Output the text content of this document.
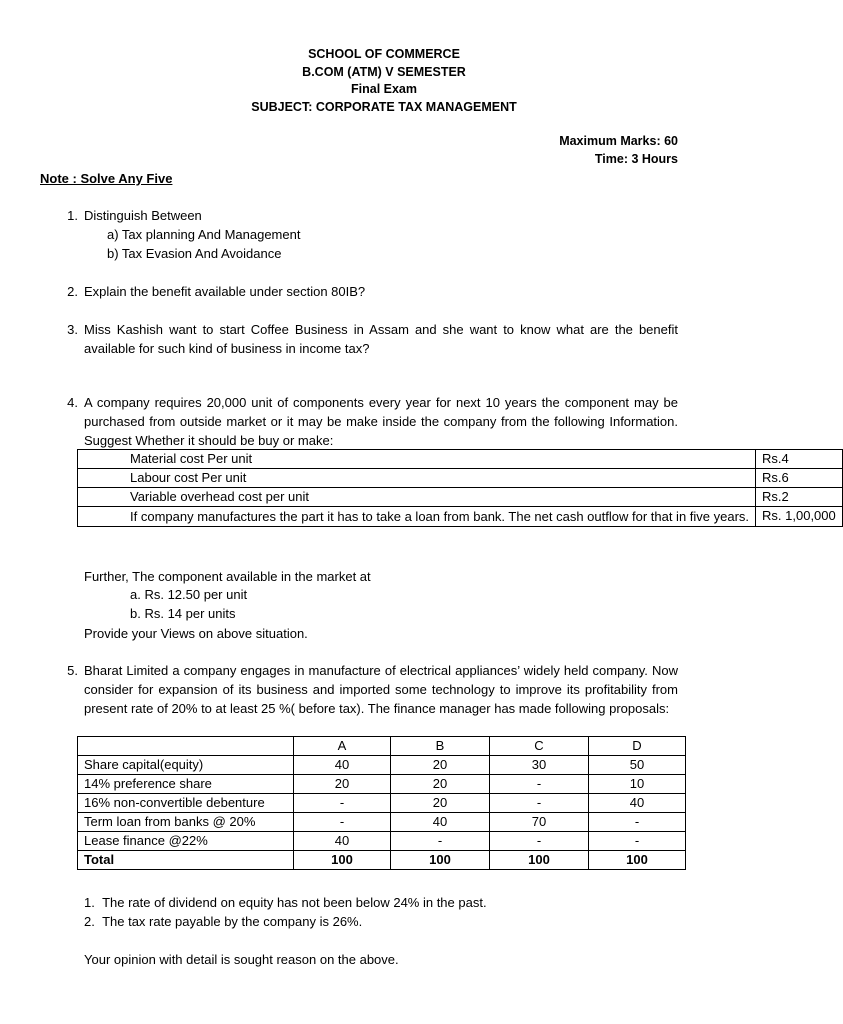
SCHOOL OF COMMERCE
B.COM (ATM) V SEMESTER
Final Exam
SUBJECT: CORPORATE TAX MANAGEMENT
Maximum Marks: 60
Time: 3 Hours
Note : Solve Any Five
1. Distinguish Between
a) Tax planning And Management
b) Tax Evasion And Avoidance
2. Explain the benefit available under section 80IB?
3. Miss Kashish want to start Coffee Business in Assam and she want to know what are the benefit available for such kind of business in income tax?
4. A company requires 20,000 unit of components every year for next 10 years the component may be purchased from outside market or it may be make inside the company from the following Information. Suggest Whether it should be buy or make:
Material cost Per unit	Rs.4
Labour cost Per unit	Rs.6
Variable overhead cost per unit	Rs.2
If company manufactures the part it has to take a loan from bank. The net cash outflow for that in five years.	Rs. 1,00,000
Further, The component available in the market at
a. Rs. 12.50 per unit
b. Rs. 14 per units
Provide your Views on above situation.
5. Bharat Limited a company engages in manufacture of electrical appliances’ widely held company. Now consider for expansion of its business and imported some technology to improve its profitability from present rate of 20% to at least 25 %( before tax). The finance manager has made following proposals:
	A	B	C	D
Share capital(equity)	40	20	30	50
14% preference share	20	20	-	10
16% non-convertible debenture	-	20	-	40
Term loan from banks @ 20%	-	40	70	-
Lease finance @22%	40	-	-	-
Total	100	100	100	100
1. The rate of dividend on equity has not been below 24% in the past.
2. The tax rate payable by the company is 26%.
Your opinion with detail is sought reason on the above.
